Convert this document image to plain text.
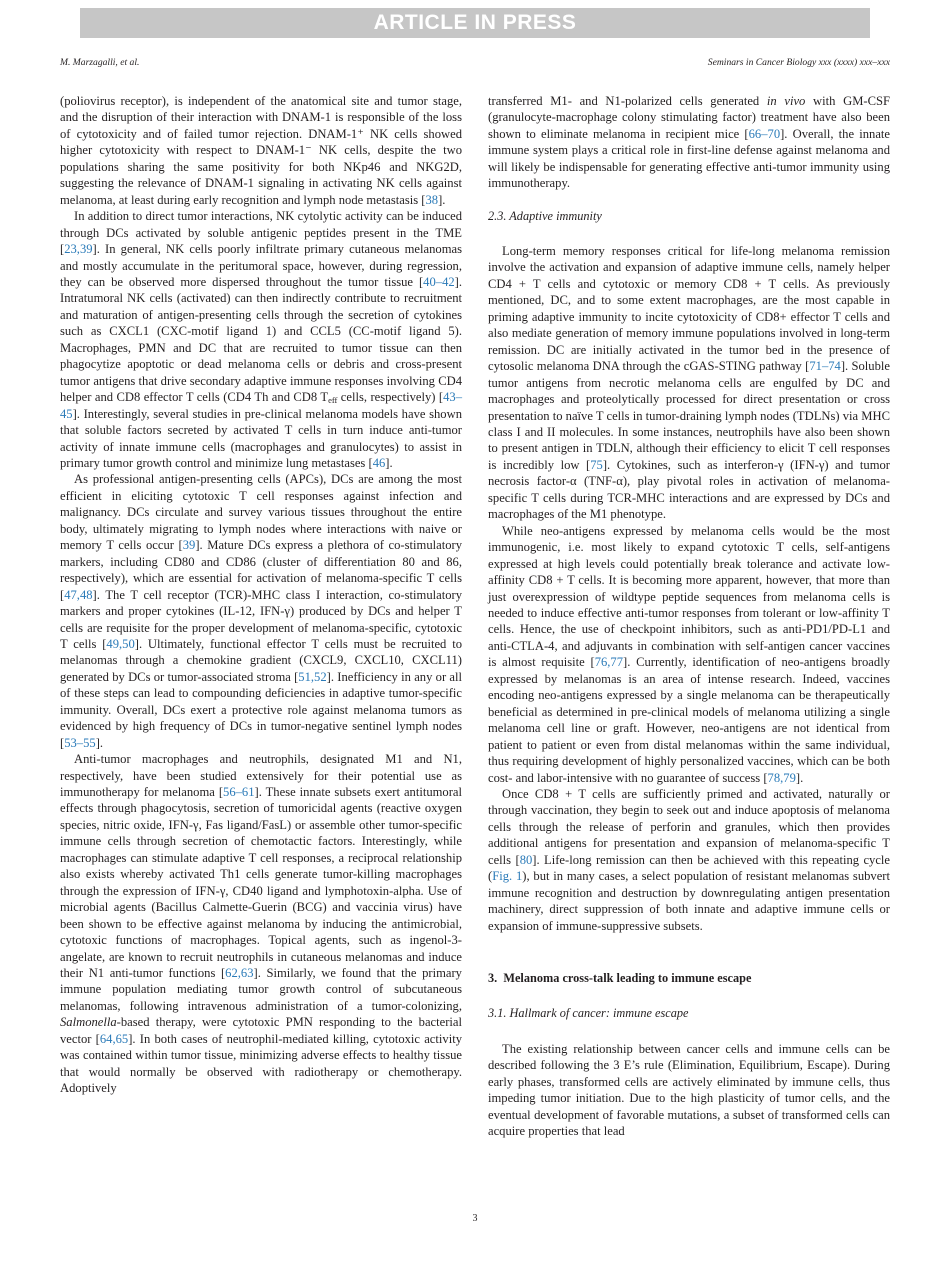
ARTICLE IN PRESS
M. Marzagalli, et al.	Seminars in Cancer Biology xxx (xxxx) xxx–xxx

(poliovirus receptor), is independent of the anatomical site and tumor stage, and the disruption of their interaction with DNAM-1 is responsible of the loss of cytotoxicity and of failed tumor rejection. DNAM-1⁺ NK cells showed higher cytotoxicity with respect to DNAM-1⁻ NK cells, despite the two populations sharing the same positivity for both NKp46 and NKG2D, suggesting the relevance of DNAM-1 signaling in activating NK cells against melanoma, at least during early recognition and lymph node metastasis [38].

In addition to direct tumor interactions, NK cytolytic activity can be induced through DCs activated by soluble antigenic peptides present in the TME [23,39]. In general, NK cells poorly infiltrate primary cutaneous melanomas and mostly accumulate in the peritumoral space, however, during regression, they can be observed more dispersed throughout the tumor tissue [40–42]. Intratumoral NK cells (activated) can then indirectly contribute to recruitment and maturation of antigen-presenting cells through the secretion of cytokines such as CXCL1 (CXC-motif ligand 1) and CCL5 (CC-motif ligand 5). Macrophages, PMN and DC that are recruited to tumor tissue can then phagocytize apoptotic or dead melanoma cells or debris and cross-present tumor antigens that drive secondary adaptive immune responses involving CD4 helper and CD8 effector T cells (CD4 Th and CD8 $T_{eff}$ cells, respectively) [43–45]. Interestingly, several studies in pre-clinical melanoma models have shown that soluble factors secreted by activated T cells in turn induce anti-tumor activity of innate immune cells (macrophages and granulocytes) to assist in primary tumor growth control and minimize lung metastases [46].

As professional antigen-presenting cells (APCs), DCs are among the most efficient in eliciting cytotoxic T cell responses against infection and malignancy. DCs circulate and survey various tissues throughout the entire body, ultimately migrating to lymph nodes where interactions with naive or memory T cells occur [39]. Mature DCs express a plethora of co-stimulatory markers, including CD80 and CD86 (cluster of differentiation 80 and 86, respectively), which are essential for activation of melanoma-specific T cells [47,48]. The T cell receptor (TCR)-MHC class I interaction, co-stimulatory markers and proper cytokines (IL-12, IFN-γ) produced by DCs and helper T cells are requisite for the proper development of melanoma-specific, cytotoxic T cells [49,50]. Ultimately, functional effector T cells must be recruited to melanomas through a chemokine gradient (CXCL9, CXCL10, CXCL11) generated by DCs or tumor-associated stroma [51,52]. Inefficiency in any or all of these steps can lead to compounding deficiencies in adaptive tumor-specific immunity. Overall, DCs exert a protective role against melanoma tumors as evidenced by high frequency of DCs in tumor-negative sentinel lymph nodes [53–55].

Anti-tumor macrophages and neutrophils, designated M1 and N1, respectively, have been studied extensively for their potential use as immunotherapy for melanoma [56–61]. These innate subsets exert antitumoral effects through phagocytosis, secretion of tumoricidal agents (reactive oxygen species, nitric oxide, IFN-γ, Fas ligand/FasL) or assemble other tumor-specific immune cells through secretion of chemotactic factors. Interestingly, while macrophages can stimulate adaptive T cell responses, a reciprocal relationship also exists whereby activated Th1 cells generate tumor-killing macrophages through the expression of IFN-γ, CD40 ligand and lymphotoxin-alpha. Use of microbial agents (Bacillus Calmette-Guerin (BCG) and vaccinia virus) have been shown to be effective against melanoma by inducing the antimicrobial, cytotoxic functions of macrophages. Topical agents, such as ingenol-3-angelate, are known to recruit neutrophils in cutaneous melanomas and induce their N1 anti-tumor functions [62,63]. Similarly, we found that the primary immune population mediating tumor growth control of subcutaneous melanomas, following intravenous administration of a tumor-colonizing, Salmonella-based therapy, were cytotoxic PMN responding to the bacterial vector [64,65]. In both cases of neutrophil-mediated killing, cytotoxic activity was contained within tumor tissue, minimizing adverse effects to healthy tissue that would normally be observed with radiotherapy or chemotherapy. Adoptively

transferred M1- and N1-polarized cells generated in vivo with GM-CSF (granulocyte-macrophage colony stimulating factor) treatment have also been shown to eliminate melanoma in recipient mice [66–70]. Overall, the innate immune system plays a critical role in first-line defense against melanoma and will likely be indispensable for generating effective anti-tumor immunity using immunotherapy.

2.3. Adaptive immunity

Long-term memory responses critical for life-long melanoma remission involve the activation and expansion of adaptive immune cells, namely helper CD4 + T cells and cytotoxic or memory CD8 + T cells. As previously mentioned, DC, and to some extent macrophages, are the most capable in priming adaptive immunity to incite cytotoxicity of CD8+ effector T cells and also mediate generation of memory immune populations involved in long-term remission. DC are initially activated in the tumor bed in the presence of cytosolic melanoma DNA through the cGAS-STING pathway [71–74]. Soluble tumor antigens from necrotic melanoma cells are engulfed by DC and macrophages and proteolytically processed for direct presentation or cross presentation to naïve T cells in tumor-draining lymph nodes (TDLNs) via MHC class I and II molecules. In some instances, neutrophils have also been shown to present antigen in TDLN, although their efficiency to elicit T cell responses is incredibly low [75]. Cytokines, such as interferon-γ (IFN-γ) and tumor necrosis factor-α (TNF-α), play pivotal roles in activation of melanoma-specific T cells during TCR-MHC interactions and are expressed by DCs and macrophages of the M1 phenotype.

While neo-antigens expressed by melanoma cells would be the most immunogenic, i.e. most likely to expand cytotoxic T cells, self-antigens expressed at high levels could potentially break tolerance and activate low-affinity CD8 + T cells. It is becoming more apparent, however, that more than just overexpression of wildtype peptide sequences from melanoma cells is needed to induce effective anti-tumor responses from tolerant or low-affinity T cells. Hence, the use of checkpoint inhibitors, such as anti-PD1/PD-L1 and anti-CTLA-4, and adjuvants in combination with self-antigen cancer vaccines is almost requisite [76,77]. Currently, identification of neo-antigens broadly expressed by melanomas is an area of intense research. Indeed, vaccines encoding neo-antigens expressed by a single melanoma can be therapeutically beneficial as determined in pre-clinical models of melanoma utilizing a single melanoma cell line or graft. However, neo-antigens are not identical from patient to patient or even from distal melanomas within the same individual, thus requiring development of highly personalized vaccines, which can be both cost- and labor-intensive with no guarantee of success [78,79].

Once CD8 + T cells are sufficiently primed and activated, naturally or through vaccination, they begin to seek out and induce apoptosis of melanoma cells through the release of perforin and granules, which then provides additional antigens for presentation and expansion of melanoma-specific T cells [80]. Life-long remission can then be achieved with this repeating cycle (Fig. 1), but in many cases, a select population of resistant melanomas subvert immune recognition and destruction by downregulating antigen presentation machinery, direct suppression of both innate and adaptive immune cells or expansion of immune-suppressive subsets.

3.  Melanoma cross-talk leading to immune escape
3.1. Hallmark of cancer: immune escape

The existing relationship between cancer cells and immune cells can be described following the 3 E’s rule (Elimination, Equilibrium, Escape). During early phases, transformed cells are actively eliminated by immune cells, thus impeding tumor initiation. Due to the high plasticity of tumor cells, and the eventual development of favorable mutations, a subset of transformed cells can acquire properties that lead

3
